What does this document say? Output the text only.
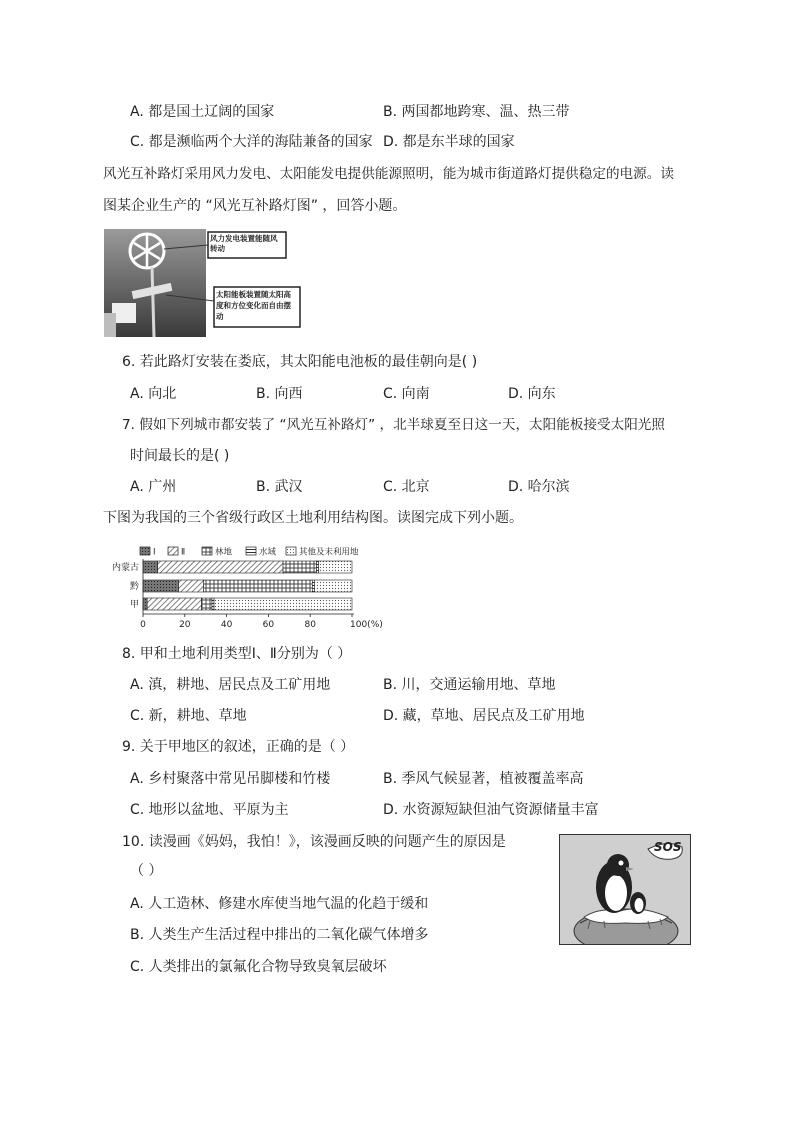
A. 都是国土辽阔的国家	B. 两国都地跨寒、温、热三带
C. 都是濒临两个大洋的海陆兼备的国家 D. 都是东半球的国家
风光互补路灯采用风力发电、太阳能发电提供能源照明，能为城市街道路灯提供稳定的电源。读
图某企业生产的 “风光互补路灯图” ，回答小题。
风力发电装置能随风转动
太阳能板装置随太阳高度和方位变化而自由摆动
6. 若此路灯安装在娄底，其太阳能电池板的最佳朝向是( )
A. 向北	B. 向西	C. 向南	D. 向东
7. 假如下列城市都安装了 “风光互补路灯” ，北半球夏至日这一天，太阳能板接受太阳光照
时间最长的是( )
A. 广州	B. 武汉	C. 北京	D. 哈尔滨
下图为我国的三个省级行政区土地利用结构图。读图完成下列小题。
Ⅰ	Ⅱ	林地	水域	其他及未利用地
内蒙古
黔
甲
0	20	40	60	80	100(%)
8. 甲和土地利用类型Ⅰ、Ⅱ分别为（ ）
A. 滇，耕地、居民点及工矿用地	B. 川，交通运输用地、草地
C. 新，耕地、草地	D. 藏，草地、居民点及工矿用地
9. 关于甲地区的叙述，正确的是（ ）
A. 乡村聚落中常见吊脚楼和竹楼	B. 季风气候显著，植被覆盖率高
C. 地形以盆地、平原为主	D. 水资源短缺但油气资源储量丰富
10. 读漫画《妈妈，我怕！》，该漫画反映的问题产生的原因是
（ ）
A. 人工造林、修建水库使当地气温的化趋于缓和
B. 人类生产生活过程中排出的二氧化碳气体增多
C. 人类排出的氯氟化合物导致臭氧层破坏
SOS
